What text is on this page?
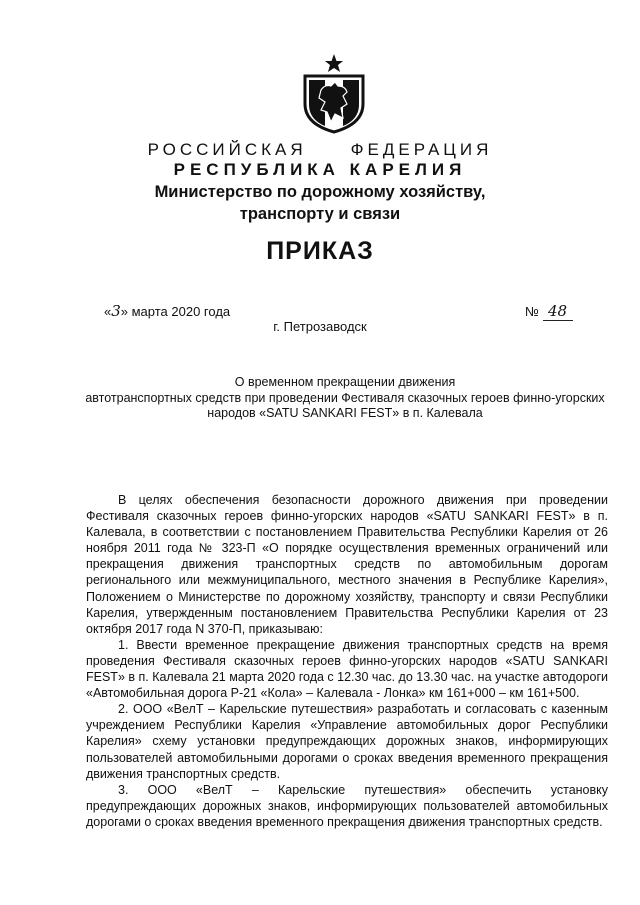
РОССИЙСКАЯ	ФЕДЕРАЦИЯ
РЕСПУБЛИКА КАРЕЛИЯ
Министерство по дорожному хозяйству,
транспорту и связи
ПРИКАЗ
«3» марта 2020 года	№ 48
г. Петрозаводск
О временном прекращении движения
автотранспортных средств при проведении Фестиваля сказочных героев финно-угорских
народов «SATU SANKARI FEST» в п. Калевала

В целях обеспечения безопасности дорожного движения при проведении Фестиваля сказочных героев финно-угорских народов «SATU SANKARI FEST» в п. Калевала, в соответствии с постановлением Правительства Республики Карелия от 26 ноября 2011 года № 323-П «О порядке осуществления временных ограничений или прекращения движения транспортных средств по автомобильным дорогам регионального или межмуниципального, местного значения в Республике Карелия», Положением о Министерстве по дорожному хозяйству, транспорту и связи Республики Карелия, утвержденным постановлением Правительства Республики Карелия от 23 октября 2017 года N 370-П, приказываю:

1. Ввести временное прекращение движения транспортных средств на время проведения Фестиваля сказочных героев финно-угорских народов «SATU SANKARI FEST» в п. Калевала 21 марта 2020 года с 12.30 час. до 13.30 час. на участке автодороги «Автомобильная дорога Р-21 «Кола» – Калевала - Лонка» км 161+000 – км 161+500.

2. ООО «ВелТ – Карельские путешествия» разработать и согласовать с казенным учреждением Республики Карелия «Управление автомобильных дорог Республики Карелия» схему установки предупреждающих дорожных знаков, информирующих пользователей автомобильными дорогами о сроках введения временного прекращения движения транспортных средств.

3. ООО «ВелТ – Карельские путешествия» обеспечить установку предупреждающих дорожных знаков, информирующих пользователей автомобильных дорогами о сроках введения временного прекращения движения транспортных средств.
